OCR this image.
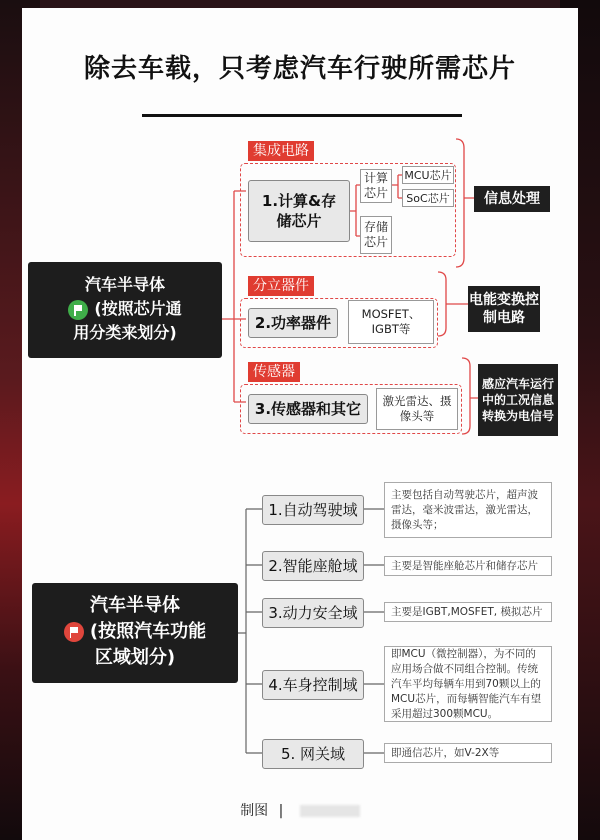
除去车载，只考虑汽车行驶所需芯片
汽车半导体
(按照芯片通
用分类来划分)
集成电路
1.计算&存储芯片
计算芯片
存储芯片
MCU芯片
SoC芯片	信息处理
分立器件
2.功率器件	MOSFET、IGBT等
电能变换控制电路
传感器
3.传感器和其它	激光雷达、摄像头等
感应汽车运行中的工况信息转换为电信号
汽车半导体
(按照汽车功能
区域划分)
1.自动驾驶域
主要包括自动驾驶芯片，超声波雷达，毫米波雷达，激光雷达，摄像头等；
2.智能座舱域	主要是智能座舱芯片和储存芯片
3.动力安全域	主要是IGBT,MOSFET, 模拟芯片
4.车身控制域
即MCU（微控制器），为不同的应用场合做不同组合控制。传统汽车平均每辆车用到70颗以上的MCU芯片，而每辆智能汽车有望采用超过300颗MCU。
5. 网关域	即通信芯片，如V-2X等
制图 |
